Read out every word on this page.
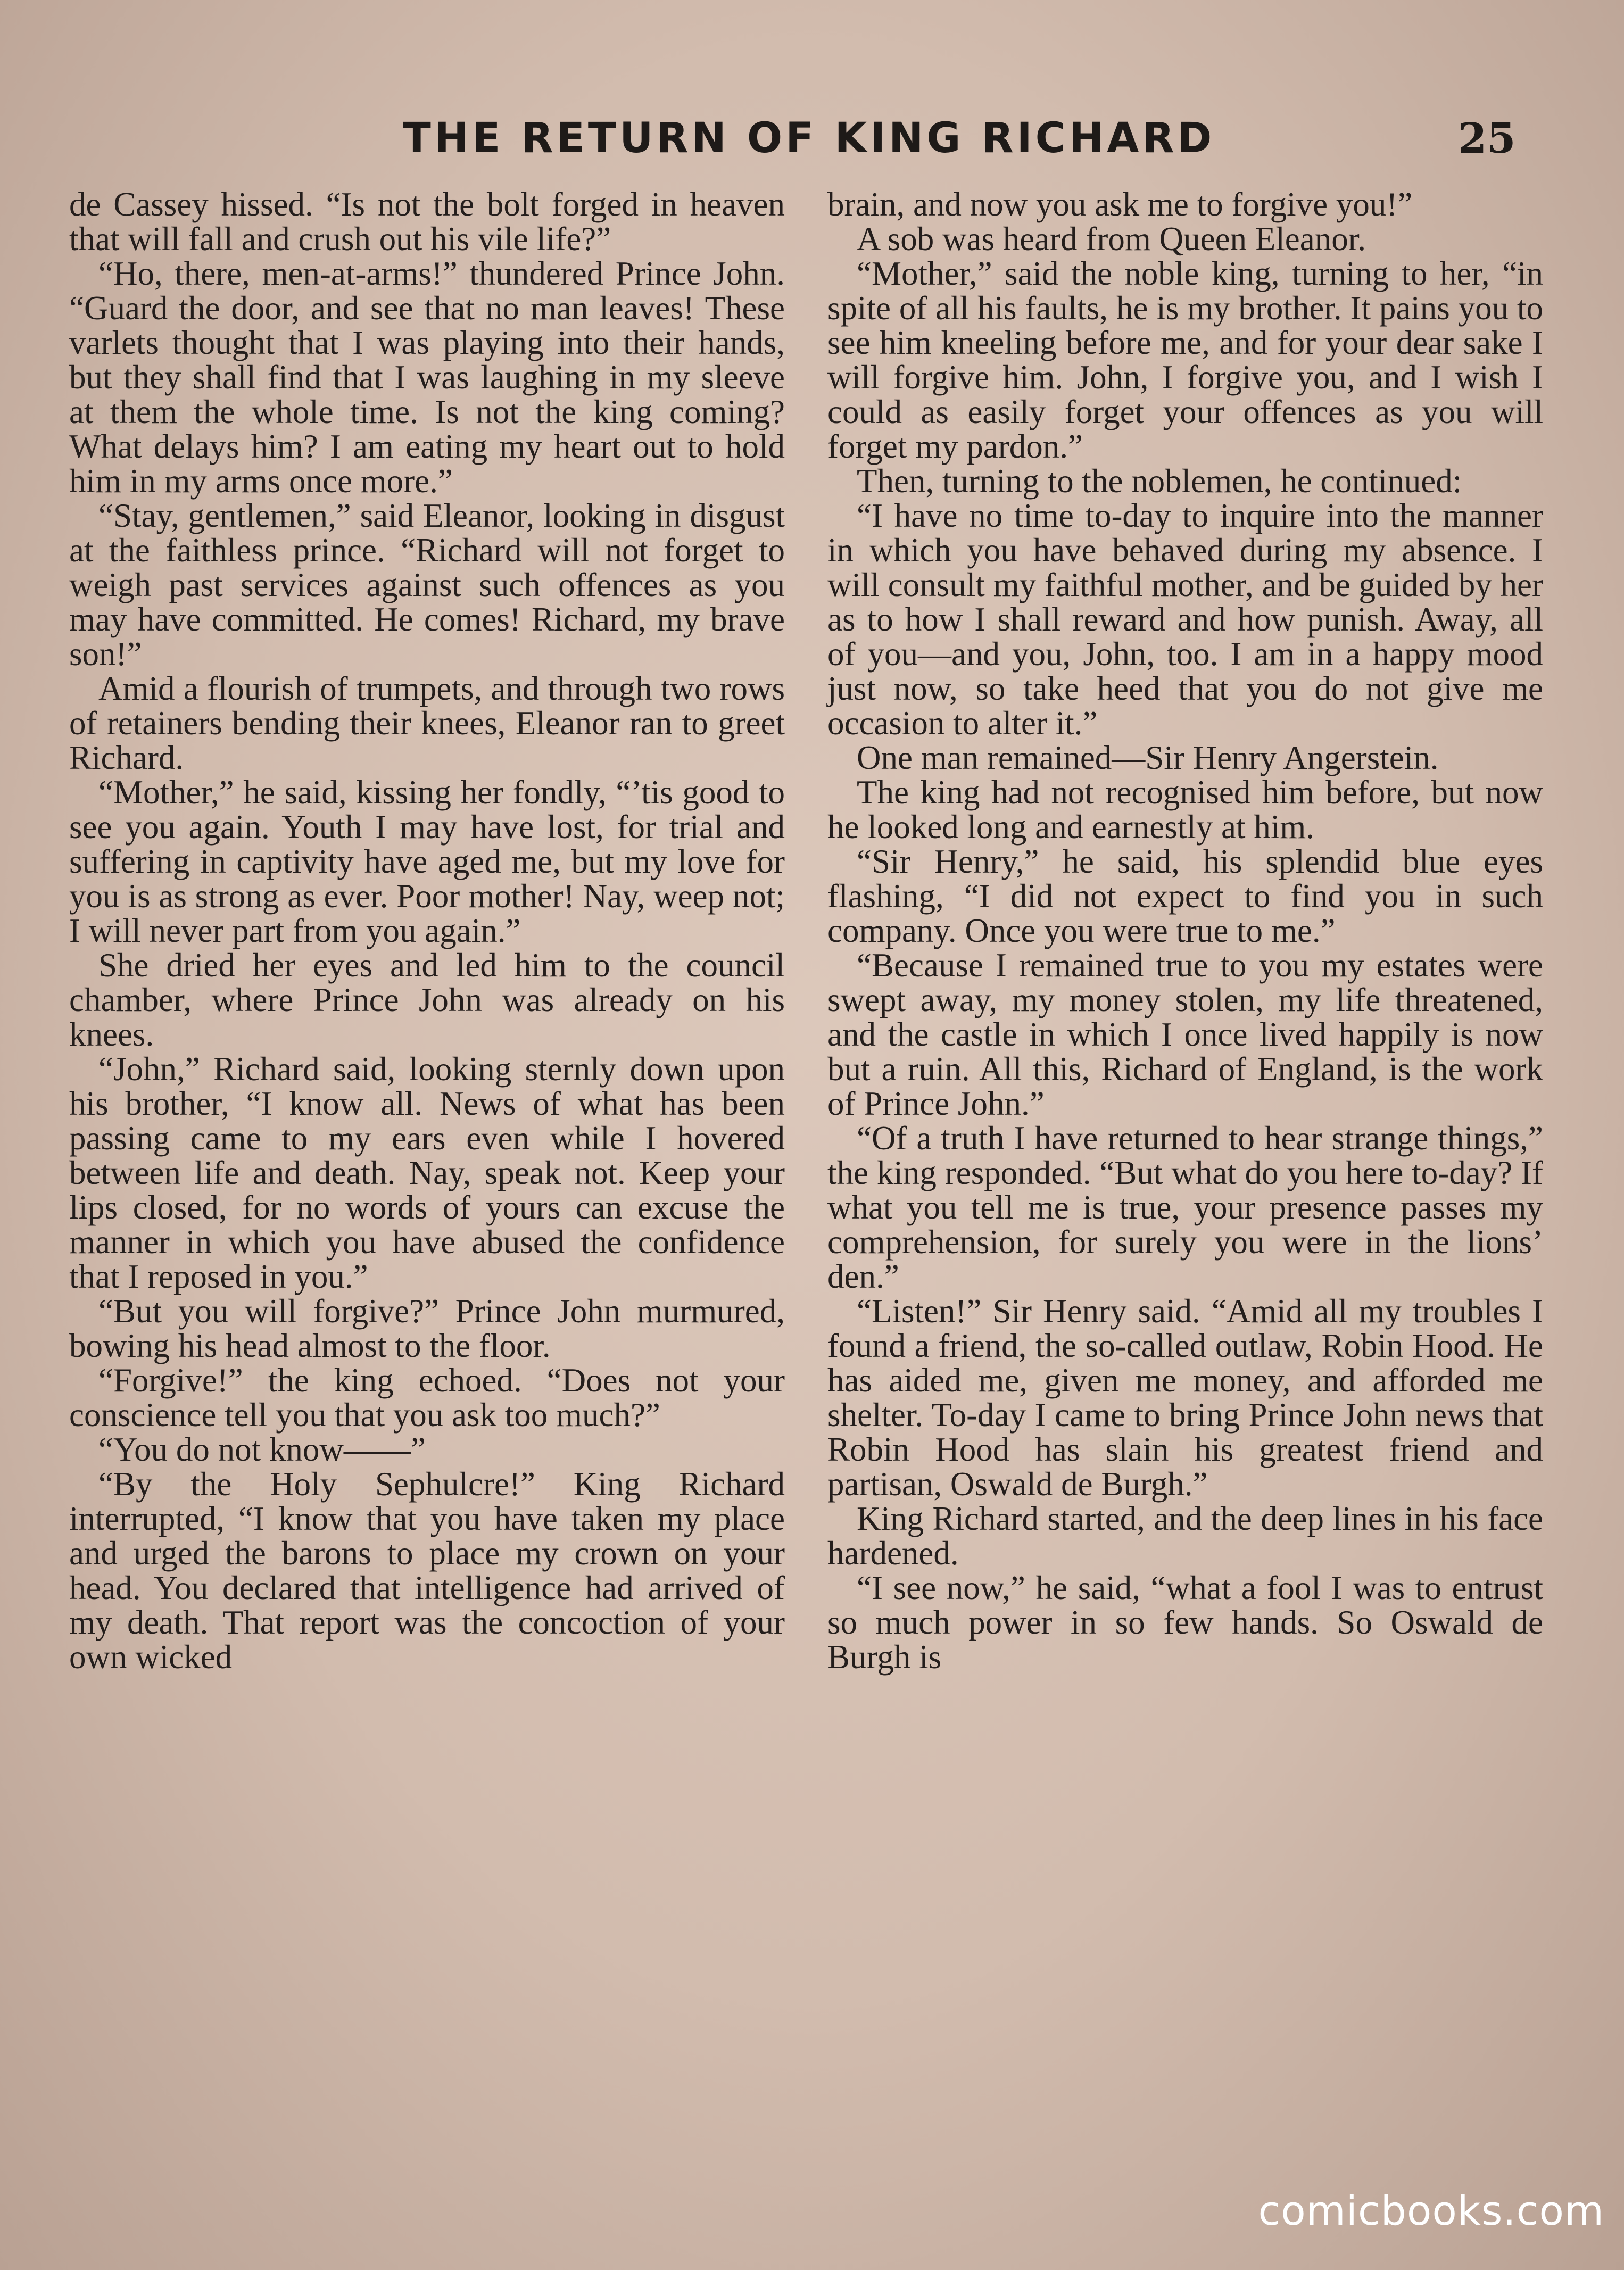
THE RETURN OF KING RICHARD	25

de Cassey hissed. “Is not the bolt forged in heaven that will fall and crush out his vile life?”

“Ho, there, men-at-arms!” thundered Prince John. “Guard the door, and see that no man leaves! These varlets thought that I was playing into their hands, but they shall find that I was laughing in my sleeve at them the whole time. Is not the king coming? What delays him? I am eating my heart out to hold him in my arms once more.”

“Stay, gentlemen,” said Eleanor, looking in disgust at the faithless prince. “Richard will not forget to weigh past services against such offences as you may have committed. He comes! Richard, my brave son!”

Amid a flourish of trumpets, and through two rows of retainers bending their knees, Eleanor ran to greet Richard.

“Mother,” he said, kissing her fondly, “’tis good to see you again. Youth I may have lost, for trial and suffering in captivity have aged me, but my love for you is as strong as ever. Poor mother! Nay, weep not; I will never part from you again.”

She dried her eyes and led him to the council chamber, where Prince John was already on his knees.

“John,” Richard said, looking sternly down upon his brother, “I know all. News of what has been passing came to my ears even while I hovered between life and death. Nay, speak not. Keep your lips closed, for no words of yours can excuse the manner in which you have abused the confidence that I reposed in you.”

“But you will forgive?” Prince John murmured, bowing his head almost to the floor.

“Forgive!” the king echoed. “Does not your conscience tell you that you ask too much?”

“You do not know——”

“By the Holy Sephulcre!” King Richard interrupted, “I know that you have taken my place and urged the barons to place my crown on your head. You declared that intelligence had arrived of my death. That report was the concoction of your own wicked

brain, and now you ask me to forgive you!”

A sob was heard from Queen Eleanor.

“Mother,” said the noble king, turning to her, “in spite of all his faults, he is my brother. It pains you to see him kneeling before me, and for your dear sake I will forgive him. John, I forgive you, and I wish I could as easily forget your offences as you will forget my pardon.”

Then, turning to the noblemen, he continued:

“I have no time to-day to inquire into the manner in which you have behaved during my absence. I will consult my faithful mother, and be guided by her as to how I shall reward and how punish. Away, all of you—and you, John, too. I am in a happy mood just now, so take heed that you do not give me occasion to alter it.”

One man remained—Sir Henry Angerstein.

The king had not recognised him before, but now he looked long and earnestly at him.

“Sir Henry,” he said, his splendid blue eyes flashing, “I did not expect to find you in such company. Once you were true to me.”

“Because I remained true to you my estates were swept away, my money stolen, my life threatened, and the castle in which I once lived happily is now but a ruin. All this, Richard of England, is the work of Prince John.”

“Of a truth I have returned to hear strange things,” the king responded. “But what do you here to-day? If what you tell me is true, your presence passes my comprehension, for surely you were in the lions’ den.”

“Listen!” Sir Henry said. “Amid all my troubles I found a friend, the so-called outlaw, Robin Hood. He has aided me, given me money, and afforded me shelter. To-day I came to bring Prince John news that Robin Hood has slain his greatest friend and partisan, Oswald de Burgh.”

King Richard started, and the deep lines in his face hardened.

“I see now,” he said, “what a fool I was to entrust so much power in so few hands. So Oswald de Burgh is

comicbooks.com
